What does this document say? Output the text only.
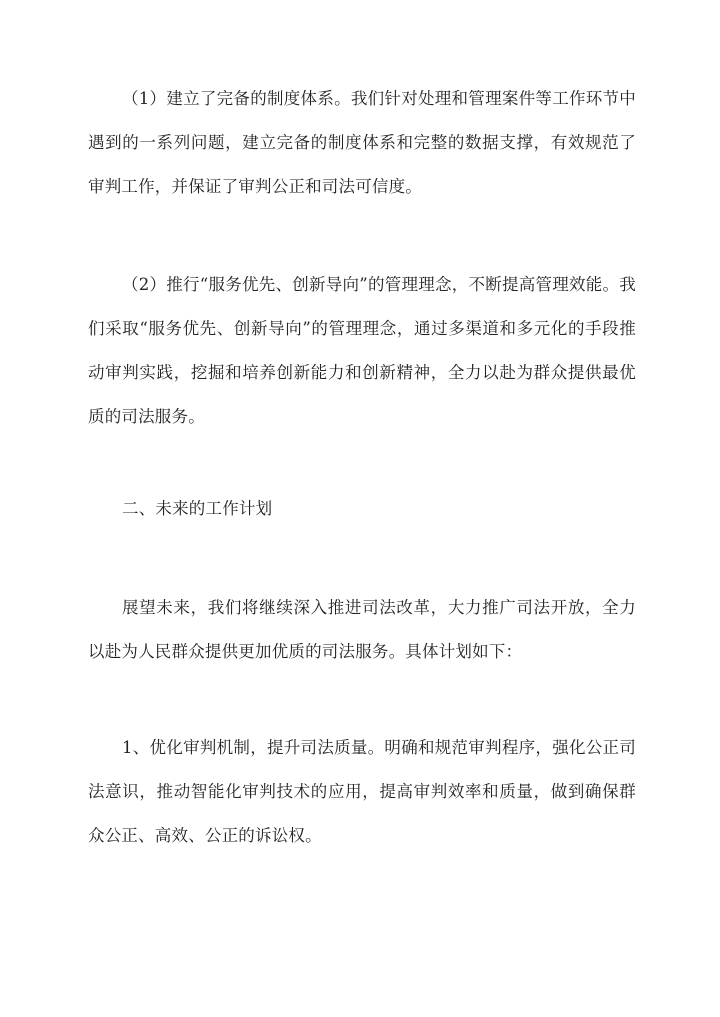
（1）建立了完备的制度体系。我们针对处理和管理案件等工作环节中遇到的一系列问题，建立完备的制度体系和完整的数据支撑，有效规范了审判工作，并保证了审判公正和司法可信度。

（2）推行“服务优先、创新导向”的管理理念，不断提高管理效能。我们采取“服务优先、创新导向”的管理理念，通过多渠道和多元化的手段推动审判实践，挖掘和培养创新能力和创新精神，全力以赴为群众提供最优质的司法服务。

二、未来的工作计划

展望未来，我们将继续深入推进司法改革，大力推广司法开放，全力以赴为人民群众提供更加优质的司法服务。具体计划如下：

1、优化审判机制，提升司法质量。明确和规范审判程序，强化公正司法意识，推动智能化审判技术的应用，提高审判效率和质量，做到确保群众公正、高效、公正的诉讼权。
